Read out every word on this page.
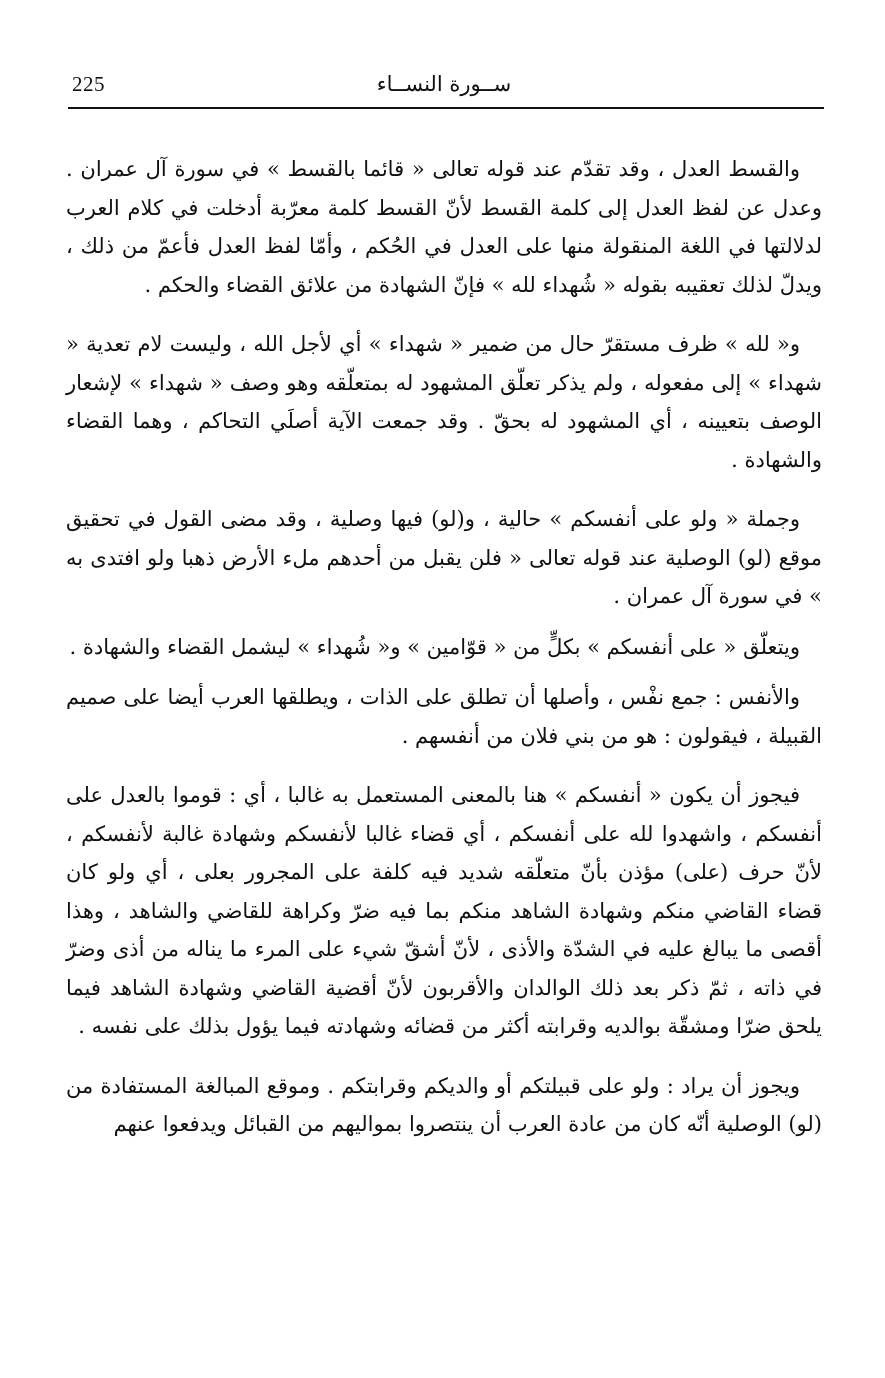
225	ســورة النســاء

والقسط العدل ، وقد تقدّم عند قوله تعالى « قائما بالقسط » في سورة آل عمران . وعدل عن لفظ العدل إلى كلمة القسط لأنّ القسط كلمة معرّبة أدخلت في كلام العرب لدلالتها في اللغة المنقولة منها على العدل في الحُكم ، وأمّا لفظ العدل فأعمّ من ذلك ، ويدلّ لذلك تعقيبه بقوله « شُهداء لله » فإنّ الشهادة من علائق القضاء والحكم .

و« لله » ظرف مستقرّ حال من ضمير « شهداء » أي لأجل الله ، وليست لام تعدية « شهداء » إلى مفعوله ، ولم يذكر تعلّق المشهود له بمتعلّقه وهو وصف « شهداء » لإشعار الوصف بتعيينه ، أي المشهود له بحقّ . وقد جمعت الآية أصلَي التحاكم ، وهما القضاء والشهادة .

وجملة « ولو على أنفسكم » حالية ، و(لو) فيها وصلية ، وقد مضى القول في تحقيق موقع (لو) الوصلية عند قوله تعالى « فلن يقبل من أحدهم ملء الأرض ذهبا ولو افتدى به » في سورة آل عمران .

ويتعلّق « على أنفسكم » بكلٍّ من « قوّامين » و« شُهداء » ليشمل القضاء والشهادة .

والأنفس : جمع نفْس ، وأصلها أن تطلق على الذات ، ويطلقها العرب أيضا على صميم القبيلة ، فيقولون : هو من بني فلان من أنفسهم .

فيجوز أن يكون « أنفسكم » هنا بالمعنى المستعمل به غالبا ، أي : قوموا بالعدل على أنفسكم ، واشهدوا لله على أنفسكم ، أي قضاء غالبا لأنفسكم وشهادة غالبة لأنفسكم ، لأنّ حرف (على) مؤذن بأنّ متعلّقه شديد فيه كلفة على المجرور بعلى ، أي ولو كان قضاء القاضي منكم وشهادة الشاهد منكم بما فيه ضرّ وكراهة للقاضي والشاهد ، وهذا أقصى ما يبالغ عليه في الشدّة والأذى ، لأنّ أشقّ شيء على المرء ما يناله من أذى وضرّ في ذاته ، ثمّ ذكر بعد ذلك الوالدان والأقربون لأنّ أقضية القاضي وشهادة الشاهد فيما يلحق ضرّا ومشقّة بوالديه وقرابته أكثر من قضائه وشهادته فيما يؤول بذلك على نفسه .

ويجوز أن يراد : ولو على قبيلتكم أو والديكم وقرابتكم . وموقع المبالغة المستفادة من (لو) الوصلية أنّه كان من عادة العرب أن ينتصروا بمواليهم من القبائل ويدفعوا عنهم
